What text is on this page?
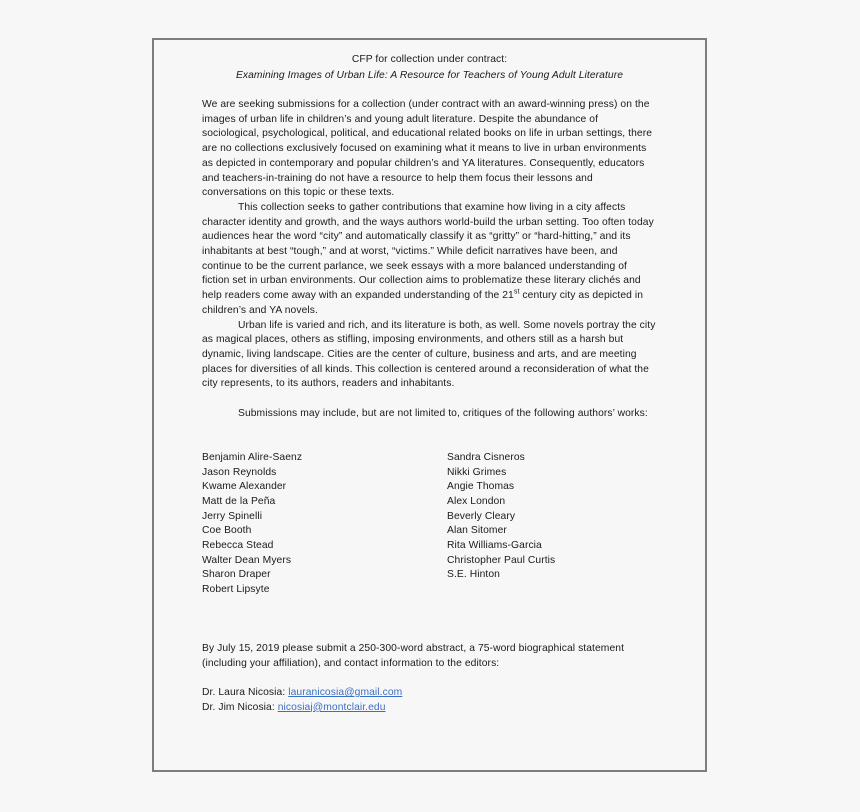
CFP for collection under contract:
Examining Images of Urban Life: A Resource for Teachers of Young Adult Literature

We are seeking submissions for a collection (under contract with an award-winning press) on the images of urban life in children’s and young adult literature. Despite the abundance of sociological, psychological, political, and educational related books on life in urban settings, there are no collections exclusively focused on examining what it means to live in urban environments as depicted in contemporary and popular children’s and YA literatures. Consequently, educators and teachers-in-training do not have a resource to help them focus their lessons and conversations on this topic or these texts.

This collection seeks to gather contributions that examine how living in a city affects character identity and growth, and the ways authors world-build the urban setting. Too often today audiences hear the word “city” and automatically classify it as “gritty” or “hard-hitting,” and its inhabitants at best “tough,” and at worst, “victims.” While deficit narratives have been, and continue to be the current parlance, we seek essays with a more balanced understanding of fiction set in urban environments. Our collection aims to problematize these literary clichés and help readers come away with an expanded understanding of the 21st century city as depicted in children’s and YA novels.

Urban life is varied and rich, and its literature is both, as well. Some novels portray the city as magical places, others as stifling, imposing environments, and others still as a harsh but dynamic, living landscape. Cities are the center of culture, business and arts, and are meeting places for diversities of all kinds. This collection is centered around a reconsideration of what the city represents, to its authors, readers and inhabitants.

Submissions may include, but are not limited to, critiques of the following authors’ works:

Benjamin Alire-Saenz
Jason Reynolds
Kwame Alexander
Matt de la Peña
Jerry Spinelli
Coe Booth
Rebecca Stead
Walter Dean Myers
Sharon Draper
Robert Lipsyte
Sandra Cisneros
Nikki Grimes
Angie Thomas
Alex London
Beverly Cleary
Alan Sitomer
Rita Williams-Garcia
Christopher Paul Curtis
S.E. Hinton

By July 15, 2019 please submit a 250-300-word abstract, a 75-word biographical statement (including your affiliation), and contact information to the editors:

Dr. Laura Nicosia: lauranicosia@gmail.com
Dr. Jim Nicosia: nicosiaj@montclair.edu
